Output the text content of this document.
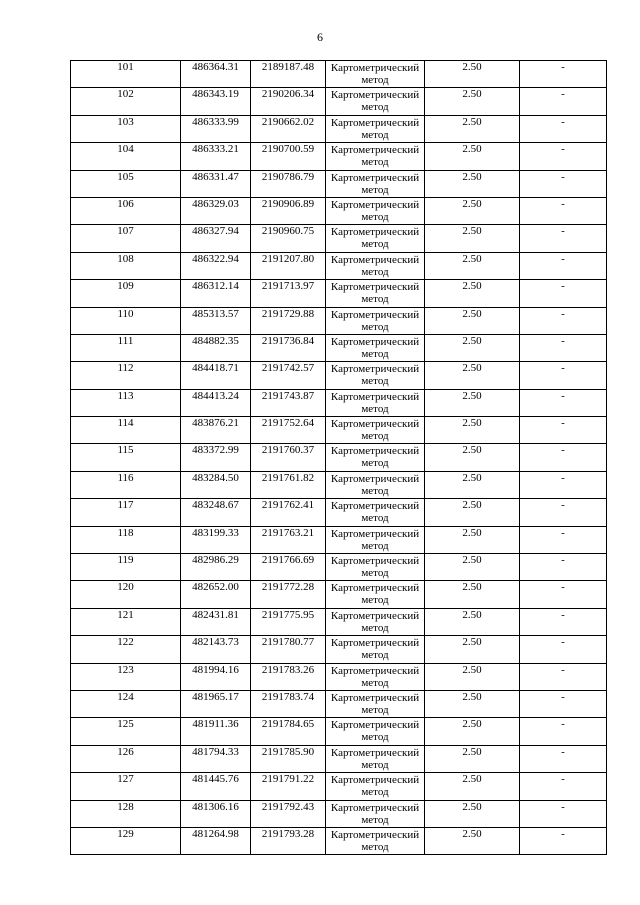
6
101	486364.31	2189187.48	Картометрический
метод	2.50	-
102	486343.19	2190206.34	Картометрический
метод	2.50	-
103	486333.99	2190662.02	Картометрический
метод	2.50	-
104	486333.21	2190700.59	Картометрический
метод	2.50	-
105	486331.47	2190786.79	Картометрический
метод	2.50	-
106	486329.03	2190906.89	Картометрический
метод	2.50	-
107	486327.94	2190960.75	Картометрический
метод	2.50	-
108	486322.94	2191207.80	Картометрический
метод	2.50	-
109	486312.14	2191713.97	Картометрический
метод	2.50	-
110	485313.57	2191729.88	Картометрический
метод	2.50	-
111	484882.35	2191736.84	Картометрический
метод	2.50	-
112	484418.71	2191742.57	Картометрический
метод	2.50	-
113	484413.24	2191743.87	Картометрический
метод	2.50	-
114	483876.21	2191752.64	Картометрический
метод	2.50	-
115	483372.99	2191760.37	Картометрический
метод	2.50	-
116	483284.50	2191761.82	Картометрический
метод	2.50	-
117	483248.67	2191762.41	Картометрический
метод	2.50	-
118	483199.33	2191763.21	Картометрический
метод	2.50	-
119	482986.29	2191766.69	Картометрический
метод	2.50	-
120	482652.00	2191772.28	Картометрический
метод	2.50	-
121	482431.81	2191775.95	Картометрический
метод	2.50	-
122	482143.73	2191780.77	Картометрический
метод	2.50	-
123	481994.16	2191783.26	Картометрический
метод	2.50	-
124	481965.17	2191783.74	Картометрический
метод	2.50	-
125	481911.36	2191784.65	Картометрический
метод	2.50	-
126	481794.33	2191785.90	Картометрический
метод	2.50	-
127	481445.76	2191791.22	Картометрический
метод	2.50	-
128	481306.16	2191792.43	Картометрический
метод	2.50	-
129	481264.98	2191793.28	Картометрический
метод	2.50	-
